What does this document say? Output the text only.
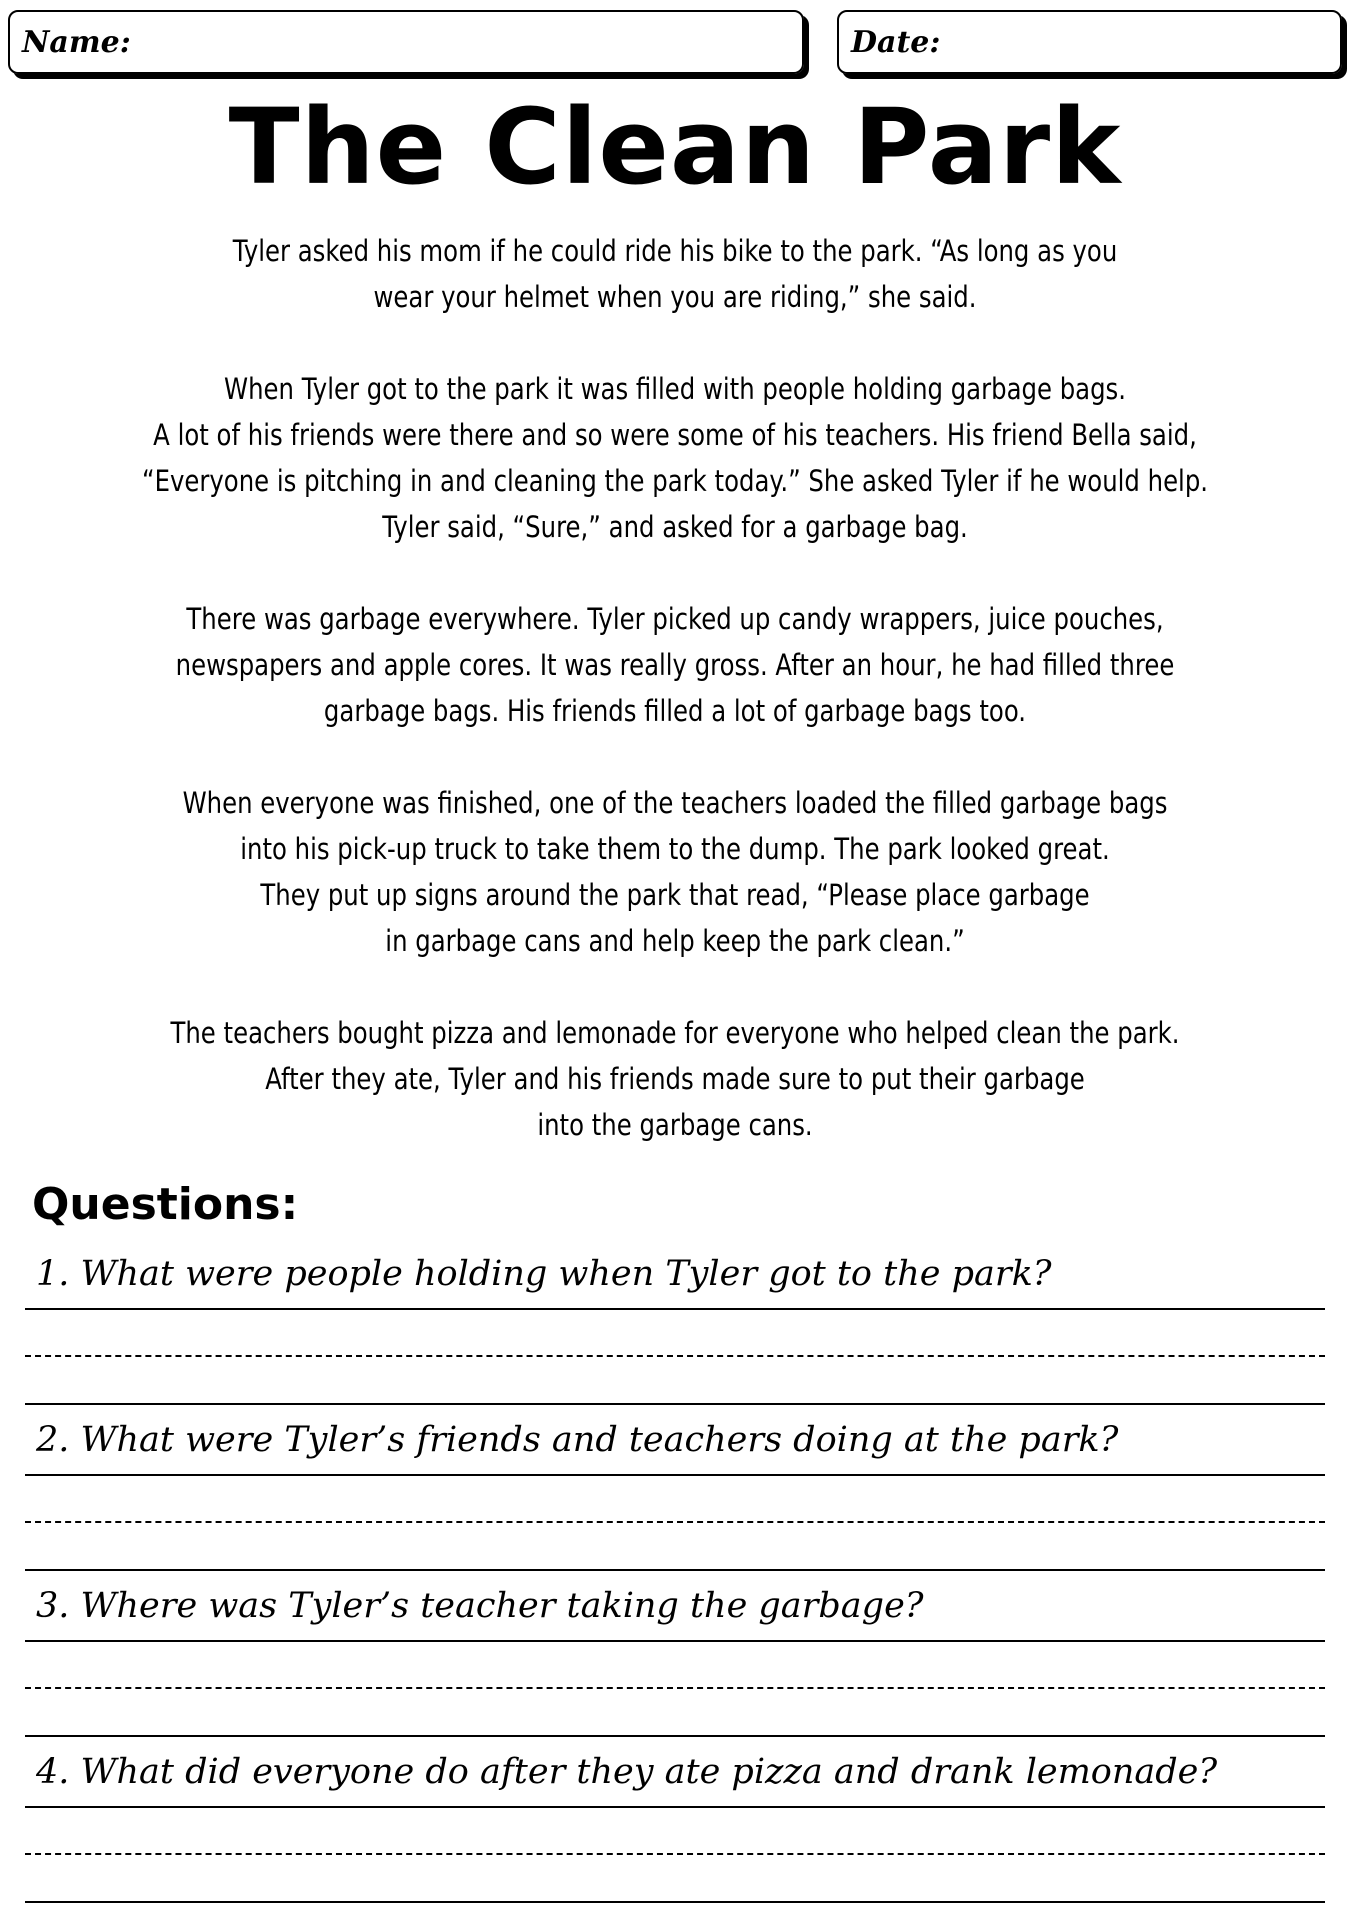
Name:	Date:
The Clean Park
Tyler asked his mom if he could ride his bike to the park. “As long as you
wear your helmet when you are riding,” she said.
When Tyler got to the park it was filled with people holding garbage bags.
A lot of his friends were there and so were some of his teachers. His friend Bella said,
“Everyone is pitching in and cleaning the park today.” She asked Tyler if he would help.
Tyler said, “Sure,” and asked for a garbage bag.
There was garbage everywhere. Tyler picked up candy wrappers, juice pouches,
newspapers and apple cores. It was really gross. After an hour, he had filled three
garbage bags. His friends filled a lot of garbage bags too.
When everyone was finished, one of the teachers loaded the filled garbage bags
into his pick-up truck to take them to the dump. The park looked great.
They put up signs around the park that read, “Please place garbage
in garbage cans and help keep the park clean.”
The teachers bought pizza and lemonade for everyone who helped clean the park.
After they ate, Tyler and his friends made sure to put their garbage
into the garbage cans.
Questions:
1. What were people holding when Tyler got to the park?
2. What were Tyler’s friends and teachers doing at the park?
3. Where was Tyler’s teacher taking the garbage?
4. What did everyone do after they ate pizza and drank lemonade?
